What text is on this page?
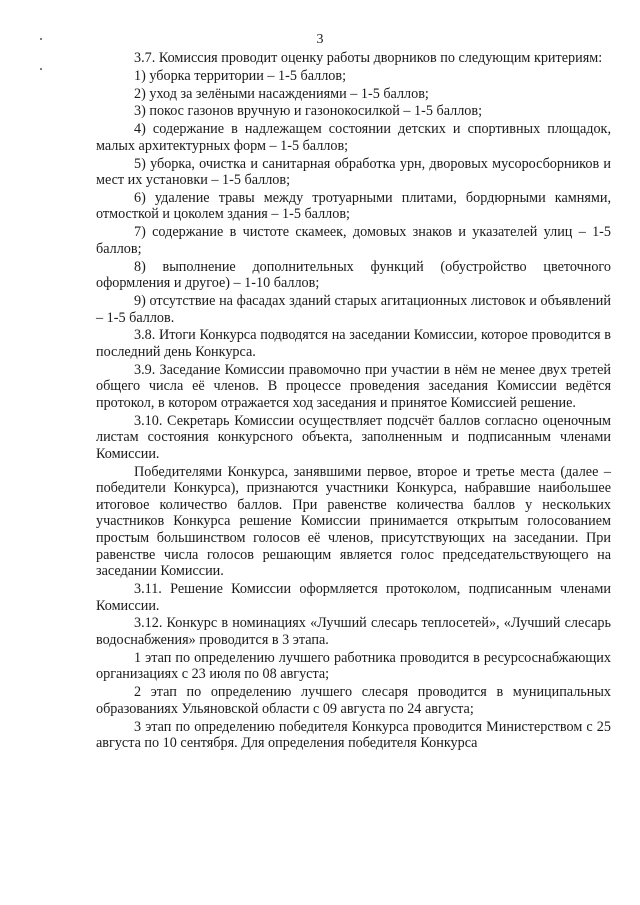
3

3.7. Комиссия проводит оценку работы дворников по следующим критериям:

1) уборка территории – 1-5 баллов;

2) уход за зелёными насаждениями – 1-5 баллов;

3) покос газонов вручную и газонокосилкой – 1-5 баллов;

4) содержание в надлежащем состоянии детских и спортивных площадок, малых архитектурных форм – 1-5 баллов;

5) уборка, очистка и санитарная обработка урн, дворовых мусоросборников и мест их установки – 1-5 баллов;

6) удаление травы между тротуарными плитами, бордюрными камнями, отмосткой и цоколем здания – 1-5 баллов;

7) содержание в чистоте скамеек, домовых знаков и указателей улиц – 1-5 баллов;

8) выполнение дополнительных функций (обустройство цветочного оформления и другое) – 1-10 баллов;

9) отсутствие на фасадах зданий старых агитационных листовок и объявлений – 1-5 баллов.

3.8. Итоги Конкурса подводятся на заседании Комиссии, которое проводится в последний день Конкурса.

3.9. Заседание Комиссии правомочно при участии в нём не менее двух третей общего числа её членов. В процессе проведения заседания Комиссии ведётся протокол, в котором отражается ход заседания и принятое Комиссией решение.

3.10. Секретарь Комиссии осуществляет подсчёт баллов согласно оценочным листам состояния конкурсного объекта, заполненным и подписанным членами Комиссии.

Победителями Конкурса, занявшими первое, второе и третье места (далее – победители Конкурса), признаются участники Конкурса, набравшие наибольшее итоговое количество баллов. При равенстве количества баллов у нескольких участников Конкурса решение Комиссии принимается открытым голосованием простым большинством голосов её членов, присутствующих на заседании. При равенстве числа голосов решающим является голос председательствующего на заседании Комиссии.

3.11. Решение Комиссии оформляется протоколом, подписанным членами Комиссии.

3.12. Конкурс в номинациях «Лучший слесарь теплосетей», «Лучший слесарь водоснабжения» проводится в 3 этапа.

1 этап по определению лучшего работника проводится в ресурсоснабжающих организациях с 23 июля по 08 августа;

2 этап по определению лучшего слесаря проводится в муниципальных образованиях Ульяновской области с 09 августа по 24 августа;

3 этап по определению победителя Конкурса проводится Министерством с 25 августа по 10 сентября. Для определения победителя Конкурса
